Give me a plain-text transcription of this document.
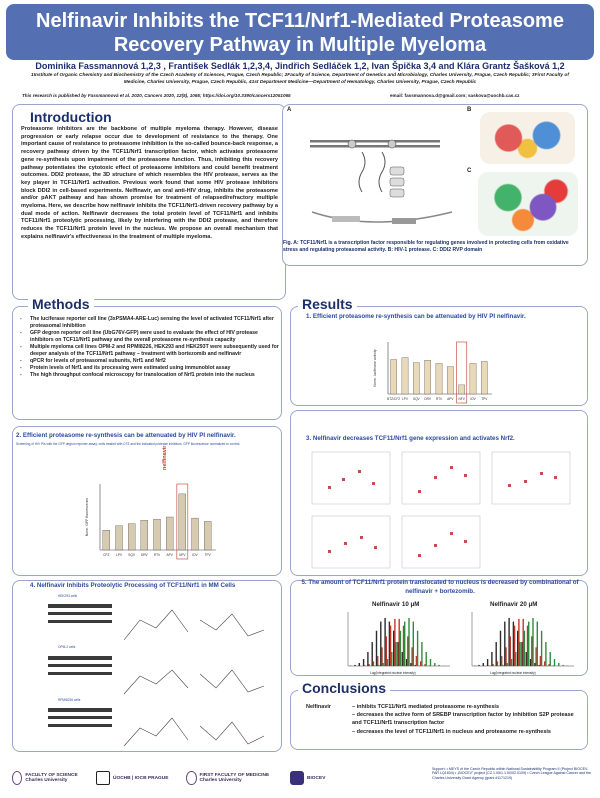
Nelfinavir Inhibits the TCF11/Nrf1-Mediated Proteasome Recovery Pathway in Multiple Myeloma
Dominika Fassmannová 1,2,3 , František Sedlák 1,2,3,4, Jindřich Sedláček 1,2, Ivan Špička 3,4 and Klára Grantz Šašková 1,2
1Institute of Organic Chemistry and Biochemistry of the Czech Academy of Sciences, Prague, Czech Republic; 2Faculty of Science, Department of Genetics and Microbiology, Charles University, Prague, Czech Republic; 3First Faculty of Medicine, Charles University, Prague, Czech Republic, 41st Department Medicine—Department of Hematology, Charles University, Prague, Czech Republic
This research is published by Fassmannová et al. 2020, Cancers 2020, 12(5), 1065; https://doi.org/10.3390/cancers12051065	email: fassmannova.d@gmail.com; saskova@uochb.cas.cz
Introduction
Proteasome inhibitors are the backbone of multiple myeloma therapy. However, disease progression or early relapse occur due to development of resistance to the therapy. One important cause of resistance to proteasome inhibition is the so-called bounce-back response, a recovery pathway driven by the TCF11/Nrf1 transcription factor, which activates proteasome gene re-synthesis upon impairment of the proteasome function. Thus, inhibiting this recovery pathway potentiates the cytotoxic effect of proteasome inhibitors and could benefit treatment outcomes. DDI2 protease, the 3D structure of which resembles the HIV protease, serves as the key player in TCF11/Nrf1 activation. Previous work found that some HIV protease inhibitors block DDI2 in cell-based experiments. Nelfinavir, an oral anti-HIV drug, inhibits the proteasome and/or pAKT pathway and has shown promise for treatment of relapsed/refractory multiple myeloma. Here, we describe how nelfinavir inhibits the TCF11/Nrf1-driven recovery pathway by a dual mode of action. Nelfinavir decreases the total protein level of TCF11/Nrf1 and inhibits TCF11/Nrf1 proteolytic processing, likely by interfering with the DDI2 protease, and therefore reduces the TCF11/Nrf1 protein level in the nucleus. We propose an overall mechanism that explains nelfinavir's effectiveness in the treatment of multiple myeloma.
A	B
C
Fig. A: TCF11/Nrf1 is a transcription factor responsible for regulating genes involved in protecting cells from oxidative stress and regulating proteasomal activity. B: HIV-1 protease. C: DDI2 RVP domain
Methods
- The luciferase reporter cell line (3xPSMA4-ARE-Luc) sensing the level of activated TCF11/Nrf1 after proteasomal inhibition
- GFP degron reporter cell line (UbG76V-GFP) were used to evaluate the effect of HIV protease inhibitors on TCF11/Nrf1 pathway and the overall proteasome re-synthesis capacity
- Multiple myeloma cell lines OPM-2 and RPMI8226, HEK293 and HEK293T were subsequently used for deeper analysis of the TCF11/Nrf1 pathway – treatment with bortezomib and nelfinavir
- qPCR for levels of proteasomal subunits, Nrf1 and Nrf2
- Protein levels of Nrf1 and its processing were estimated using immunoblot assay
- The high throughput confocal microscopy for translocation of Nrf1 protein into the nucleus
Results
1. Efficient proteasome re-synthesis can be attenuated by HIV PI nelfinavir.
Norm. luciferase activity
BTZ/CFZ LPV SQV DRV RTV APV NFV IDV TPV
2. Efficient proteasome re-synthesis can be attenuated by HIV PI nelfinavir.
Screening of HIV PIs with the GFP degron reporter assay; cells treated with CFZ and the indicated protease inhibitors, GFP fluorescence normalized to control.
nelfinavir
Norm. GFP fluorescence
CFZ LPV SQV DRV RTV APV NFV IDV TPV
3. Nelfinavir decreases TCF11/Nrf1 gene expression and activates Nrf2.
4. Nelfinavir Inhibits Proteolytic Processing of TCF11/Nrf1 in MM Cells
HEK293 cells
OPM-2 cells
RPMI8226 cells
5. The amount of TCF11/Nrf1 protein translocated to nucleus is decreased by combinational of nelfinavir + bortezomib.
Nelfinavir 10 μM	Nelfinavir 20 μM
Log(Integrated nuclear intensity)	Log(Integrated nuclear intensity)
Conclusions
Nelfinavir	– inhibits TCF11/Nrf1 mediated proteasome re-synthesis
– decreases the active form of SREBP transcription factor by inhibition S2P protease
and TCF11/Nrf1 transcription factor
– decreases the level of TCF11/Nrf1 in nucleus and proteasome re-synthesis
FACULTY OF SCIENCE Charles University	ÚOCHB | IOCB PRAGUE	FIRST FACULTY OF MEDICINE Charles University	BIOCEV
Support: • MEYS of the Czech Republic within National Sustainability Program II (Project BIOCEV-FAR LQ1604) • „BIOCEV" project (CZ.1.05/1.1.00/02.0109) • Czech League Against Cancer and the Charles University Grant Agency (grant #1171219)
